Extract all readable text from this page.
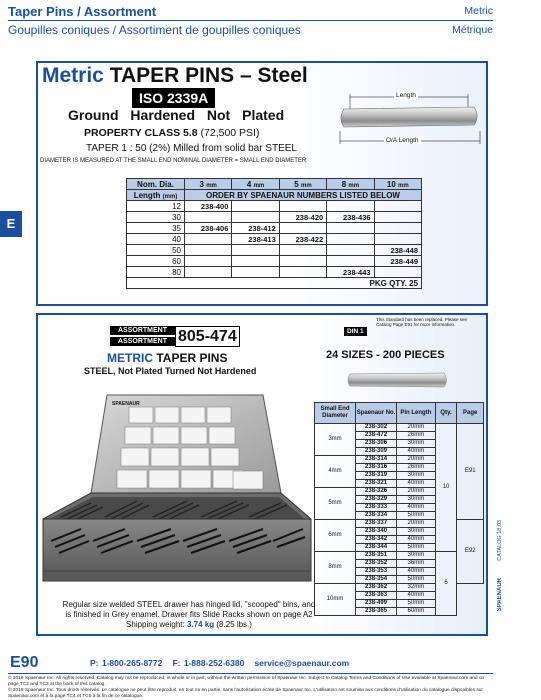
Taper Pins / Assortment	Metric
Goupilles coniques / Assortiment de goupilles coniques	Métrique
E
Metric TAPER PINS – Steel
ISO 2339A
Ground Hardened Not Plated
PROPERTY CLASS 5.8 (72,500 PSI)
TAPER 1 : 50 (2%) Milled from solid bar STEEL
DIAMETER IS MEASURED AT THE SMALL END NOMINAL DIAMETER = SMALL END DIAMETER
Length
O/A Length
Nom. Dia.	3 mm	4 mm	5 mm	8 mm	10 mm
Length (mm)	ORDER BY SPAENAUR NUMBERS LISTED BELOW				
12	238-400				
30			238-420	238-436	
35	238-406	238-412			
40		238-413	238-422		
50					238-448
60					238-449
80				238-443	
PKG QTY. 25					
ASSORTMENT
ASSORTMENT 805-474
METRIC TAPER PINS
STEEL, Not Plated Turned Not Hardened
DIN 1
This Standard has been replaced. Please see Catalog Page E91 for more information.
24 SIZES - 200 PIECES
SPAENAUR
Small End Diameter	Spaenaur No.	Pin Length	Qty.	Page
3mm	238-302	20mm	10	E91
	238-472	26mm		
	238-306	30mm		
	238-309	40mm		
4mm	238-314	20mm		
	238-316	26mm		
	238-319	30mm		
	238-321	40mm		
5mm	238-326	20mm		
	238-329	30mm		
	238-333	40mm		
	238-334	50mm		
6mm	238-337	20mm		E92
	238-340	30mm		
	238-342	40mm		
	238-344	50mm		
8mm	238-351	30mm	6	
	238-352	36mm		
	238-353	40mm		
	238-354	50mm		
10mm	238-362	32mm		
	238-363	40mm		
	238-499	50mm		
	238-365	60mm		
Regular size welded STEEL drawer has hinged lid, "scooped" bins, and
is finished in Grey enamel. Drawer fits Slide Racks shown on page A2
Shipping weight: 3.74 kg (8.25 lbs.)
CATALOG 18.03
SPAENAUR
E90	P: 1-800-265-8772 F: 1-888-252-6380 service@spaenaur.com
© 2018 Spaenaur Inc. All rights reserved. Catalog may not be reproduced, in whole or in part, without the written permission of Spaenaur Inc. Subject to Catalog Terms and Conditions of Use available at Spaenaur.com and on page TC2 and TC3 at the back of this catalog.
© 2018 Spaenaur Inc. Tous droits réservés. Le catalogue ne peut être reproduit, en tout ou en partie, sans l'autorisation écrite de Spaenaur Inc. L'utilisation est soumise aux conditions d'utilisation du catalogue disponibles sur Spaenaur.com et à la page TC4 et TC5 à la fin de ce catalogue.
